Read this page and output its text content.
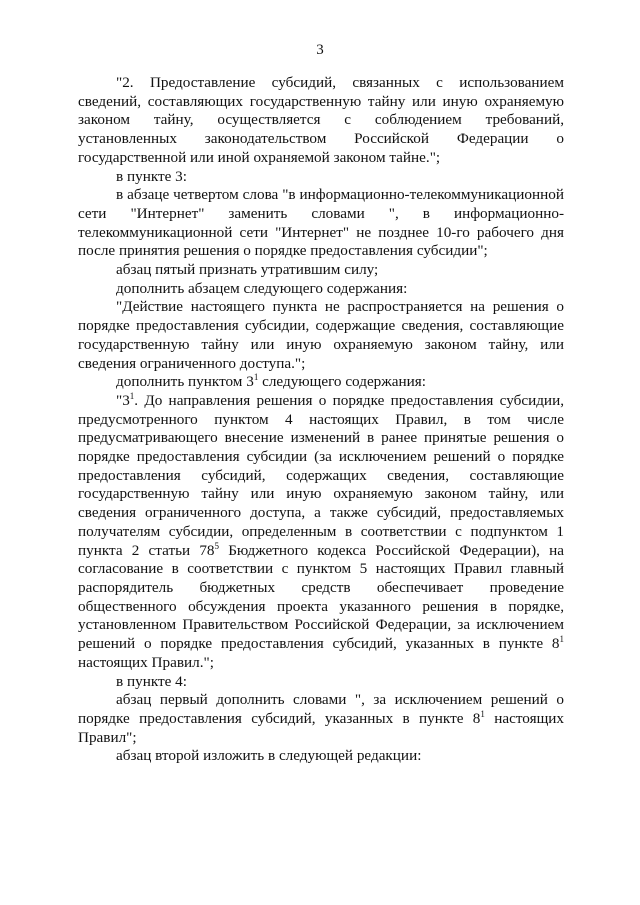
3

"2. Предоставление субсидий, связанных с использованием сведений, составляющих государственную тайну или иную охраняемую законом тайну, осуществляется с соблюдением требований, установленных законодательством Российской Федерации о государственной или иной охраняемой законом тайне.";

в пункте 3:

в абзаце четвертом слова "в информационно-телекоммуникационной сети "Интернет" заменить словами ", в информационно-телекоммуникационной сети "Интернет" не позднее 10-го рабочего дня после принятия решения о порядке предоставления субсидии";

абзац пятый признать утратившим силу;

дополнить абзацем следующего содержания:

"Действие настоящего пункта не распространяется на решения о порядке предоставления субсидии, содержащие сведения, составляющие государственную тайну или иную охраняемую законом тайну, или сведения ограниченного доступа.";

дополнить пунктом $3^1$ следующего содержания:

"$3^1$. До направления решения о порядке предоставления субсидии, предусмотренного пунктом 4 настоящих Правил, в том числе предусматривающего внесение изменений в ранее принятые решения о порядке предоставления субсидии (за исключением решений о порядке предоставления субсидий, содержащих сведения, составляющие государственную тайну или иную охраняемую законом тайну, или сведения ограниченного доступа, а также субсидий, предоставляемых получателям субсидии, определенным в соответствии с подпунктом 1 пункта 2 статьи $78^5$ Бюджетного кодекса Российской Федерации), на согласование в соответствии с пунктом 5 настоящих Правил главный распорядитель бюджетных средств обеспечивает проведение общественного обсуждения проекта указанного решения в порядке, установленном Правительством Российской Федерации, за исключением решений о порядке предоставления субсидий, указанных в пункте $8^1$ настоящих Правил.";

в пункте 4:

абзац первый дополнить словами ", за исключением решений о порядке предоставления субсидий, указанных в пункте $8^1$ настоящих Правил";

абзац второй изложить в следующей редакции:
